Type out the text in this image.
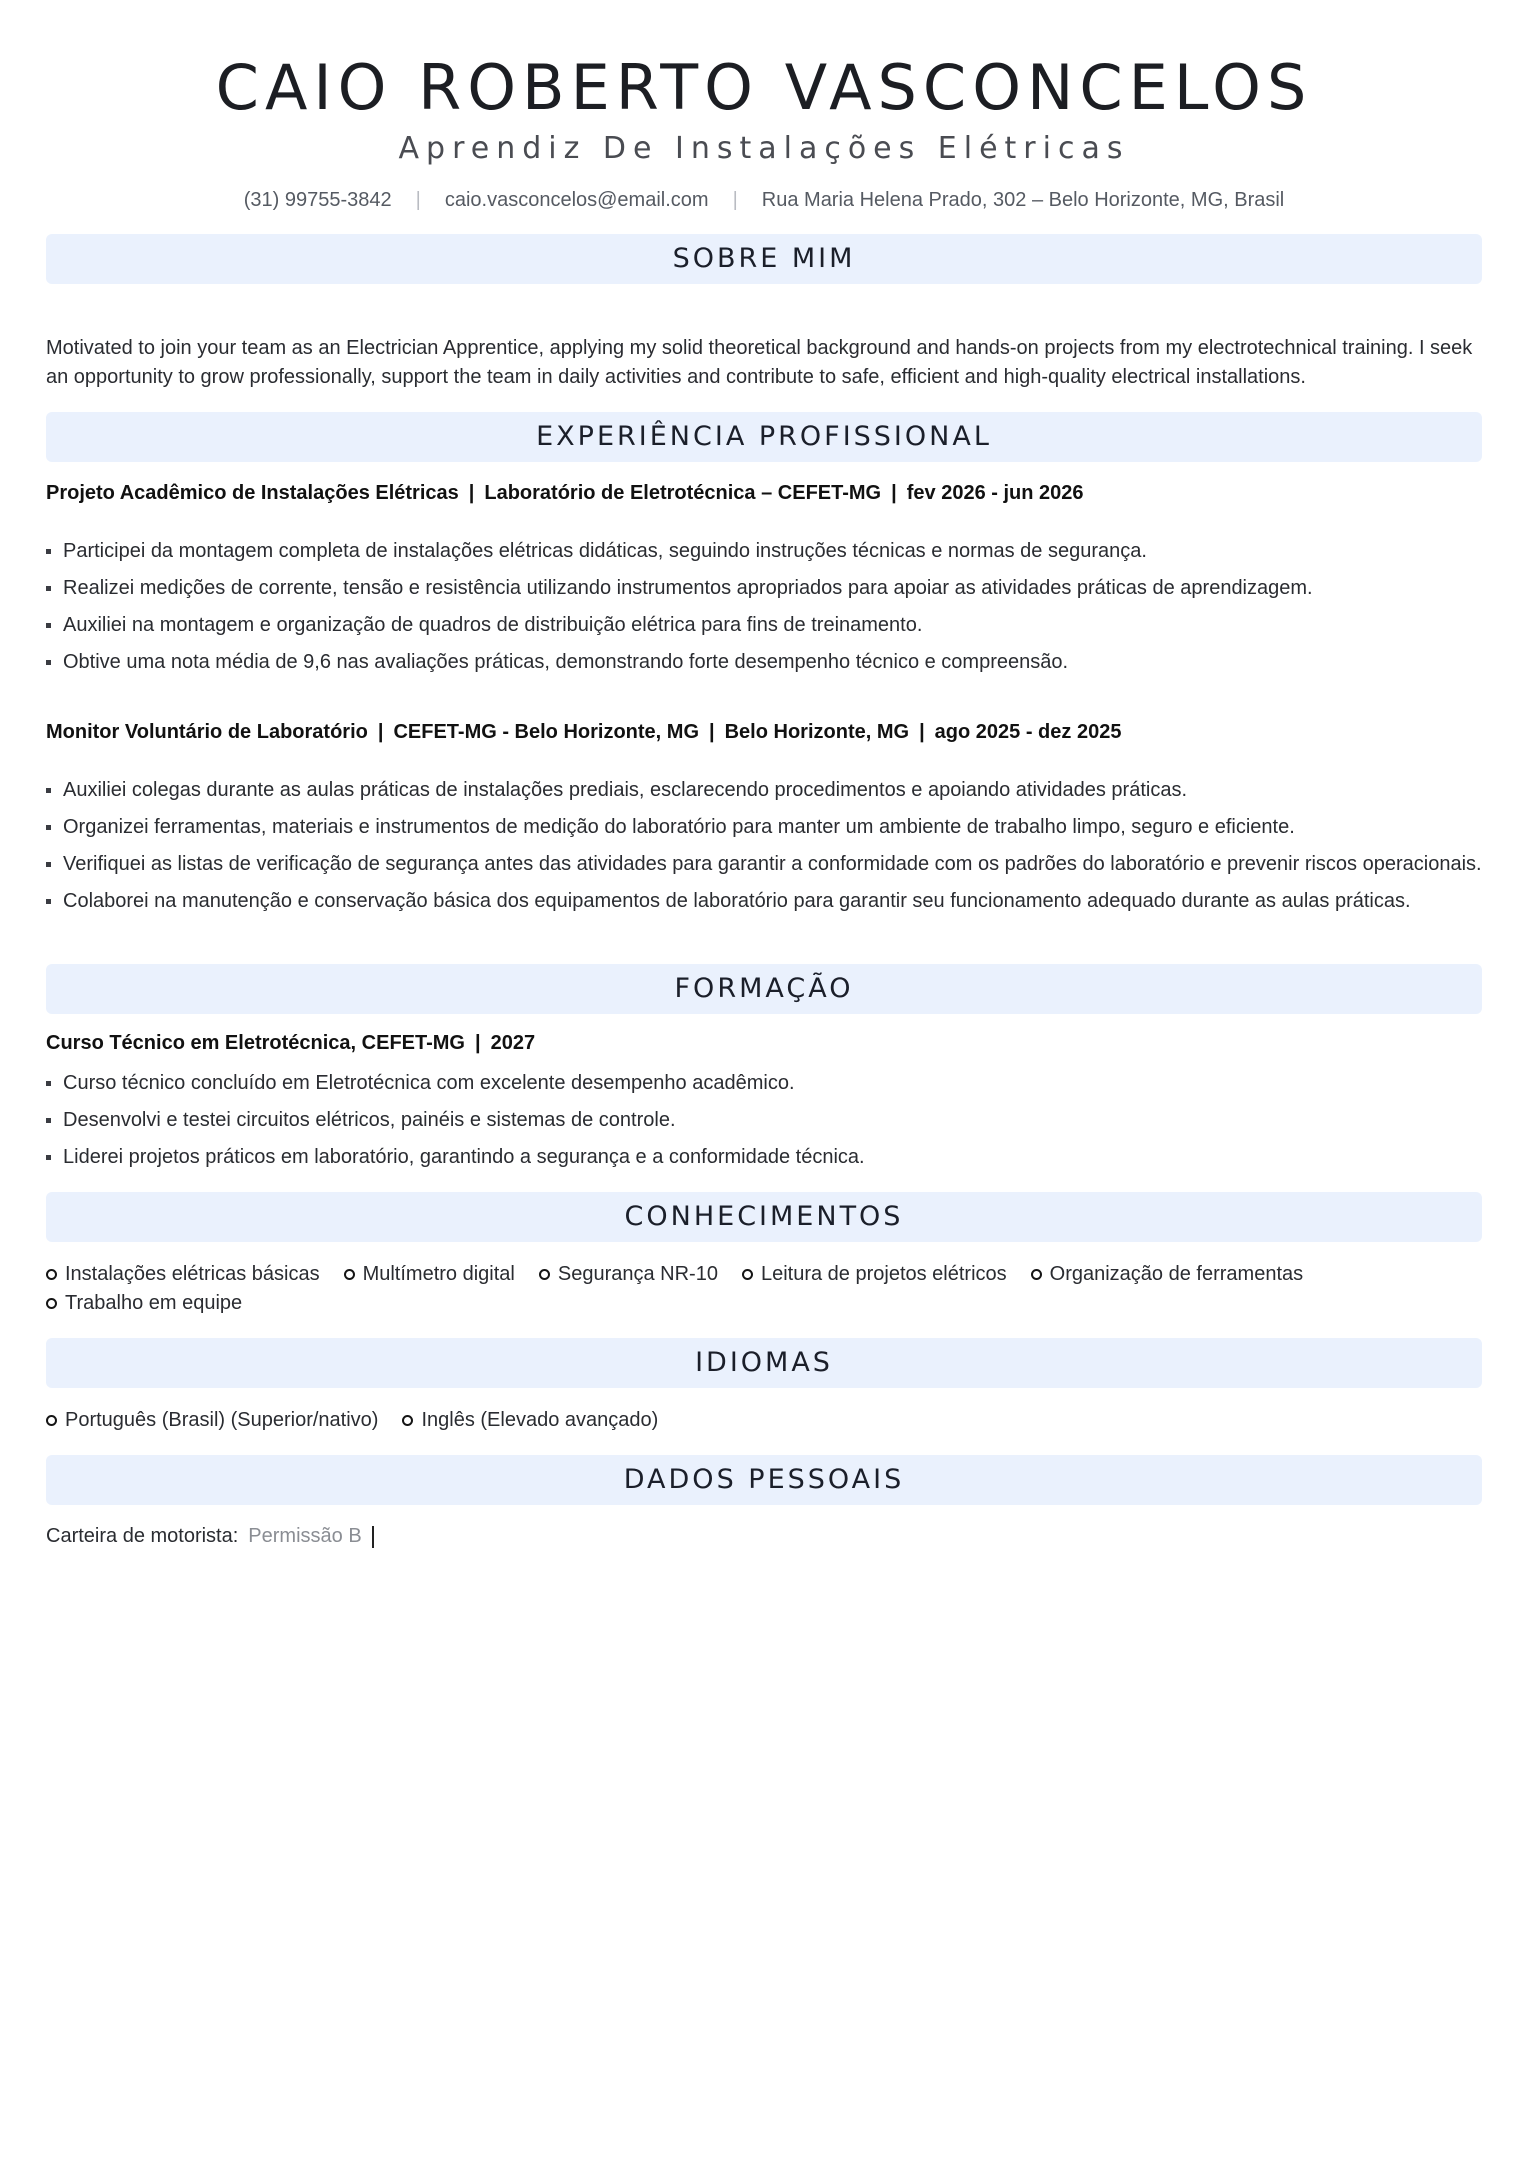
CAIO ROBERTO VASCONCELOS
Aprendiz De Instalações Elétricas
(31) 99755-3842 | caio.vasconcelos@email.com | Rua Maria Helena Prado, 302 – Belo Horizonte, MG, Brasil
SOBRE MIM
Motivated to join your team as an Electrician Apprentice, applying my solid theoretical background and hands-on projects from my electrotechnical training. I seek an opportunity to grow professionally, support the team in daily activities and contribute to safe, efficient and high-quality electrical installations.
EXPERIÊNCIA PROFISSIONAL
Projeto Acadêmico de Instalações Elétricas | Laboratório de Eletrotécnica – CEFET-MG | fev 2026 - jun 2026
Participei da montagem completa de instalações elétricas didáticas, seguindo instruções técnicas e normas de segurança.
Realizei medições de corrente, tensão e resistência utilizando instrumentos apropriados para apoiar as atividades práticas de aprendizagem.
Auxiliei na montagem e organização de quadros de distribuição elétrica para fins de treinamento.
Obtive uma nota média de 9,6 nas avaliações práticas, demonstrando forte desempenho técnico e compreensão.
Monitor Voluntário de Laboratório | CEFET-MG - Belo Horizonte, MG | Belo Horizonte, MG | ago 2025 - dez 2025
Auxiliei colegas durante as aulas práticas de instalações prediais, esclarecendo procedimentos e apoiando atividades práticas.
Organizei ferramentas, materiais e instrumentos de medição do laboratório para manter um ambiente de trabalho limpo, seguro e eficiente.
Verifiquei as listas de verificação de segurança antes das atividades para garantir a conformidade com os padrões do laboratório e prevenir riscos operacionais.
Colaborei na manutenção e conservação básica dos equipamentos de laboratório para garantir seu funcionamento adequado durante as aulas práticas.
FORMAÇÃO
Curso Técnico em Eletrotécnica, CEFET-MG | 2027
Curso técnico concluído em Eletrotécnica com excelente desempenho acadêmico.
Desenvolvi e testei circuitos elétricos, painéis e sistemas de controle.
Liderei projetos práticos em laboratório, garantindo a segurança e a conformidade técnica.
CONHECIMENTOS
Instalações elétricas básicas Multímetro digital Segurança NR-10 Leitura de projetos elétricos Organização de ferramentas
Trabalho em equipe
IDIOMAS
Português (Brasil) (Superior/nativo) Inglês (Elevado avançado)
DADOS PESSOAIS
Carteira de motorista: Permissão B
